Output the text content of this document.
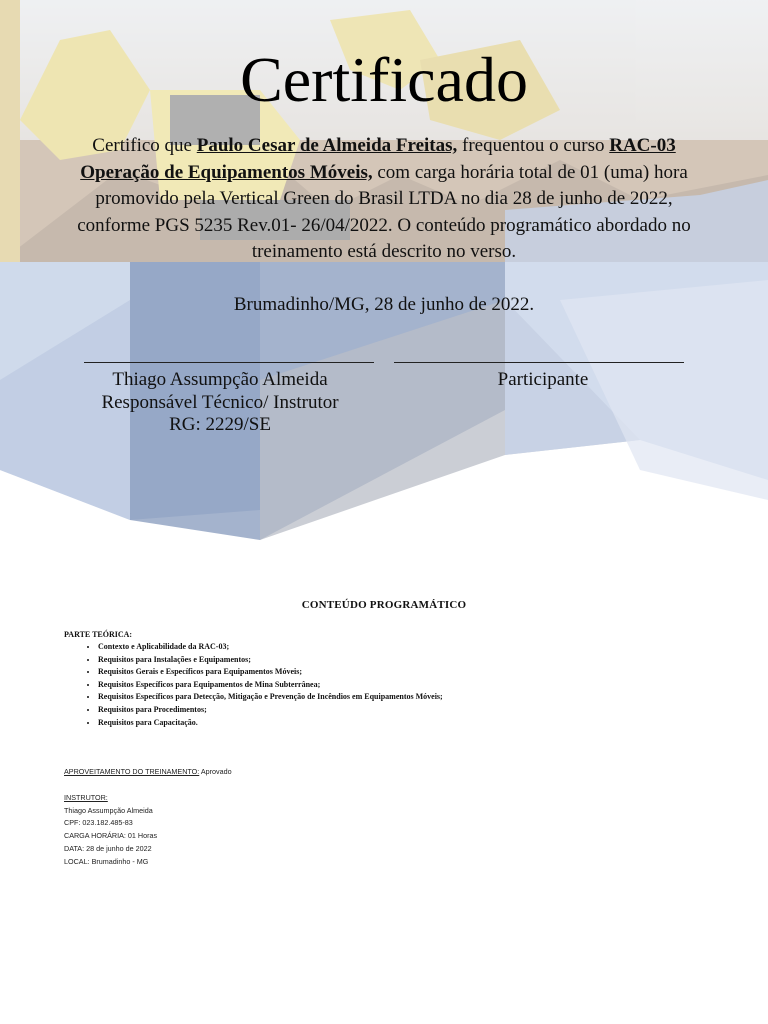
Certificado
Certifico que Paulo Cesar de Almeida Freitas, frequentou o curso RAC-03 Operação de Equipamentos Móveis, com carga horária total de 01 (uma) hora promovido pela Vertical Green do Brasil LTDA no dia 28 de junho de 2022, conforme PGS 5235 Rev.01- 26/04/2022. O conteúdo programático abordado no treinamento está descrito no verso.
Brumadinho/MG, 28 de junho de 2022.
Thiago Assumpção Almeida
Responsável Técnico/ Instrutor
RG: 2229/SE
Participante
CONTEÚDO PROGRAMÁTICO
PARTE TEÓRICA:
• Contexto e Aplicabilidade da RAC-03;
• Requisitos para Instalações e Equipamentos;
• Requisitos Gerais e Específicos para Equipamentos Móveis;
• Requisitos Específicos para Equipamentos de Mina Subterrânea;
• Requisitos Específicos para Detecção, Mitigação e Prevenção de Incêndios em Equipamentos Móveis;
• Requisitos para Procedimentos;
• Requisitos para Capacitação.
APROVEITAMENTO DO TREINAMENTO: Aprovado
INSTRUTOR:
Thiago Assumpção Almeida
CPF: 023.182.485-83
CARGA HORÁRIA: 01 Horas
DATA: 28 de junho de 2022
LOCAL: Brumadinho - MG
